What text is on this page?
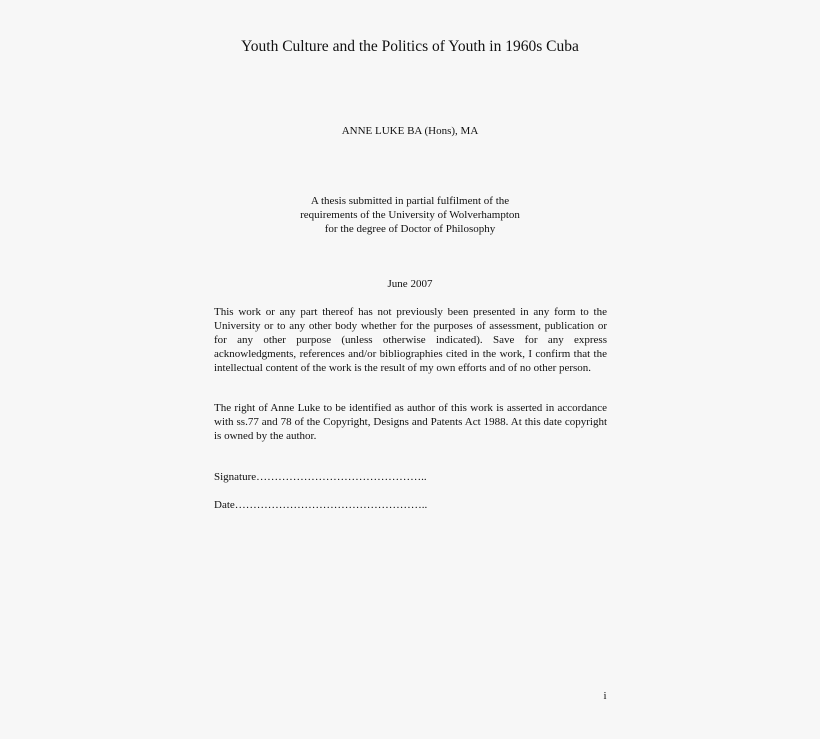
Youth Culture and the Politics of Youth in 1960s Cuba
ANNE LUKE BA (Hons), MA
A thesis submitted in partial fulfilment of the
requirements of the University of Wolverhampton
for the degree of Doctor of Philosophy
June 2007

This work or any part thereof has not previously been presented in any form to the University or to any other body whether for the purposes of assessment, publication or for any other purpose (unless otherwise indicated). Save for any express acknowledgments, references and/or bibliographies cited in the work, I confirm that the intellectual content of the work is the result of my own efforts and of no other person.

The right of Anne Luke to be identified as author of this work is asserted in accordance with ss.77 and 78 of the Copyright, Designs and Patents Act 1988. At this date copyright is owned by the author.

Signature………………………………………..
Date……………………………………………..
i
